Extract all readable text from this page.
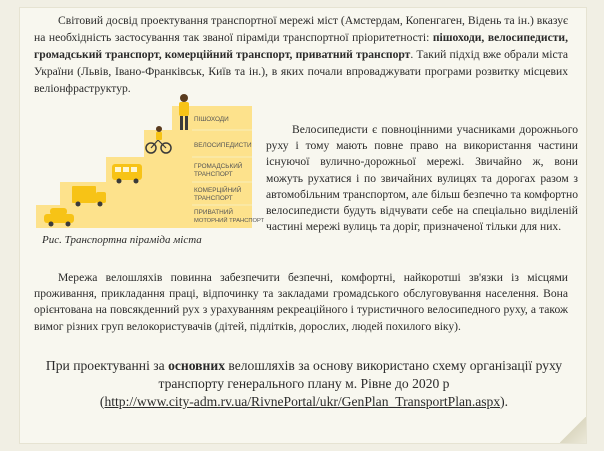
Світовий досвід проектування транспортної мережі міст (Амстердам, Копенгаген, Відень та ін.) вказує на необхідність застосування так званої піраміди транспортної пріоритетності: пішоходи, велосипедисти, громадський транспорт, комерційний транспорт, приватний транспорт. Такий підхід вже обрали міста України (Львів, Івано-Франківськ, Київ та ін.), в яких почали впроваджувати програми розвитку місцевих веліонфраструктур.

ПІШОХОДИ
ВЕЛОСИПЕДИСТИ
ГРОМАДСЬКИЙ
ТРАНСПОРТ
КОМЕРЦІЙНИЙ
ТРАНСПОРТ
ПРИВАТНИЙ
МОТОРНИЙ ТРАНСПОРТ

Рис. Транспортна піраміда міста

Велосипедисти є повноцінними учасниками дорожнього руху і тому мають повне право на використання частини існуючої вулично-дорожньої мережі. Звичайно ж, вони можуть рухатися і по звичайних вулицях та дорогах разом з автомобільним транспортом, але більш безпечно та комфортно велосипедисти будуть відчувати себе на спеціально виділеній частині мережі вулиць та доріг, призначеної тільки для них.

Мережа велошляхів повинна забезпечити безпечні, комфортні, найкоротші зв'язки із місцями проживання, прикладання праці, відпочинку та закладами громадського обслуговування населення. Вона орієнтована на повсякденний рух з урахуванням рекреаційного і туристичного велосипедного руху, а також вимог різних груп велокористувачів (дітей, підлітків, дорослих, людей похилого віку).

При проектуванні за основних велошляхів за основу використано схему організації руху транспорту генерального плану м. Рівне до 2020 р
(http://www.city-adm.rv.ua/RivnePortal/ukr/GenPlan_TransportPlan.aspx).
